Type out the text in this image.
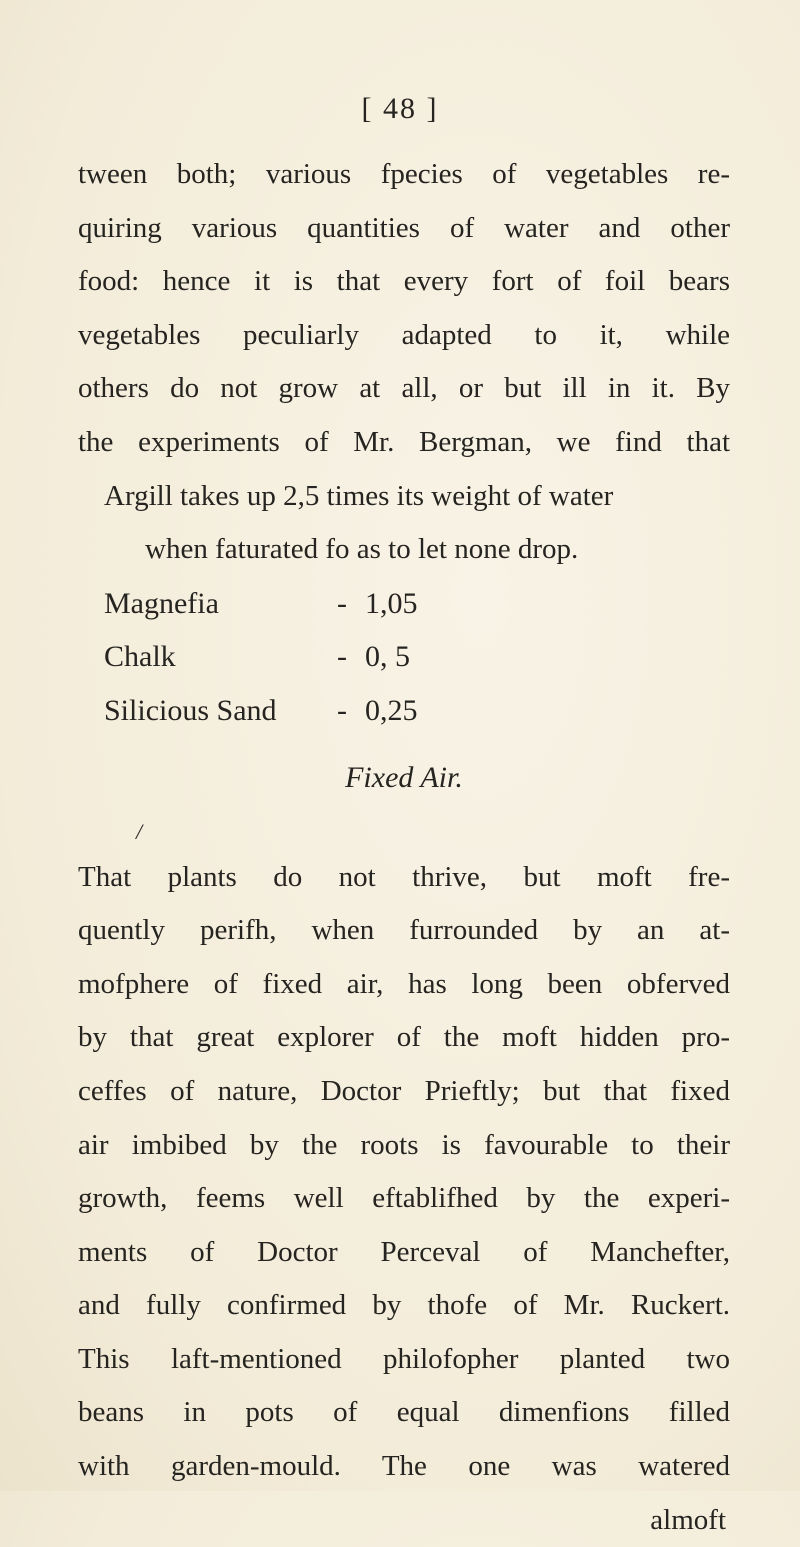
[ 48 ]
tween both; various fpecies of vegetables re-
quiring various quantities of water and other
food: hence it is that every fort of foil bears
vegetables peculiarly adapted to it, while
others do not grow at all, or but ill in it. By
the experiments of Mr. Bergman, we find that
Argill takes up 2,5 times its weight of water
when faturated fo as to let none drop.
Magnefia	- 1,05
Chalk	- 0, 5
Silicious Sand	- 0,25
Fixed Air.
/
That plants do not thrive, but moft fre-
quently perifh, when furrounded by an at-
mofphere of fixed air, has long been obferved
by that great explorer of the moft hidden pro-
ceffes of nature, Doctor Prieftly; but that fixed
air imbibed by the roots is favourable to their
growth, feems well eftablifhed by the experi-
ments of Doctor Perceval of Manchefter,
and fully confirmed by thofe of Mr. Ruckert.
This laft-mentioned philofopher planted two
beans in pots of equal dimenfions filled
with garden-mould. The one was watered
almoft
